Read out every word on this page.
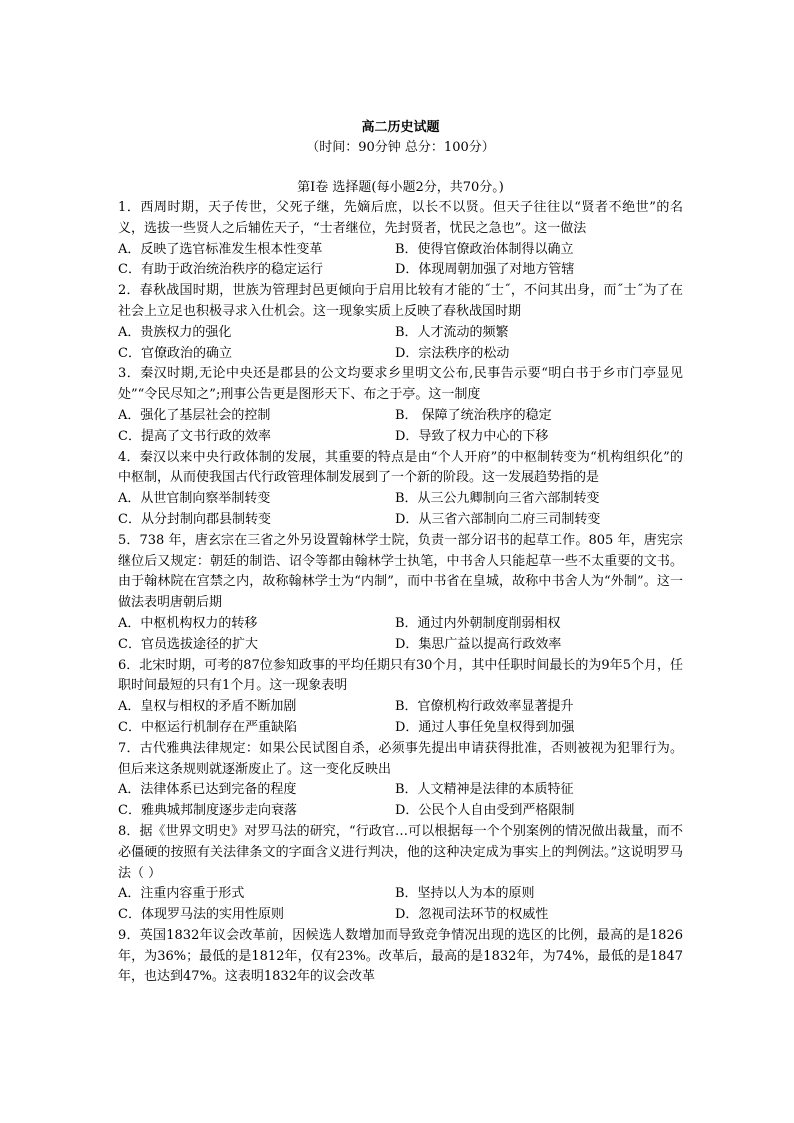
高二历史试题
（时间：90分钟 总分：100分）
第Ⅰ卷 选择题(每小题2分，共70分。)
1．西周时期，天子传世，父死子继，先嫡后庶，以长不以贤。但天子往往以“贤者不绝世”的名义，选拔一些贤人之后辅佐天子，“士者继位，先封贤者，忧民之急也”。这一做法
A．反映了选官标准发生根本性变革	B．使得官僚政治体制得以确立
C．有助于政治统治秩序的稳定运行	D．体现周朝加强了对地方管辖
2．春秋战国时期，世族为管理封邑更倾向于启用比较有才能的˝士˝，不问其出身，而˝士˝为了在社会上立足也积极寻求入仕机会。这一现象实质上反映了春秋战国时期
A．贵族权力的强化	B．人才流动的频繁
C．官僚政治的确立	D．宗法秩序的松动
3．秦汉时期,无论中央还是郡县的公文均要求乡里明文公布,民事告示要“明白书于乡市门亭显见处”“令民尽知之”;刑事公告更是图形天下、布之于亭。这一制度
A．强化了基层社会的控制	B． 保障了统治秩序的稳定
C．提高了文书行政的效率	D．导致了权力中心的下移
4．秦汉以来中央行政体制的发展，其重要的特点是由“个人开府”的中枢制转变为“机构组织化”的中枢制，从而使我国古代行政管理体制发展到了一个新的阶段。这一发展趋势指的是
A．从世官制向察举制转变	B．从三公九卿制向三省六部制转变
C．从分封制向郡县制转变	D．从三省六部制向二府三司制转变
5．738 年，唐玄宗在三省之外另设置翰林学士院，负责一部分诏书的起草工作。805 年，唐宪宗继位后又规定：朝廷的制诰、诏令等都由翰林学士执笔，中书舍人只能起草一些不太重要的文书。由于翰林院在宫禁之内，故称翰林学士为“内制”，而中书省在皇城，故称中书舍人为“外制”。这一做法表明唐朝后期
A．中枢机构权力的转移	B．通过内外朝制度削弱相权
C．官员选拔途径的扩大	D．集思广益以提高行政效率
6．北宋时期，可考的87位参知政事的平均任期只有30个月，其中任职时间最长的为9年5个月，任职时间最短的只有1个月。这一现象表明
A．皇权与相权的矛盾不断加剧	B．官僚机构行政效率显著提升
C．中枢运行机制存在严重缺陷	D．通过人事任免皇权得到加强
7．古代雅典法律规定：如果公民试图自杀，必须事先提出申请获得批准，否则被视为犯罪行为。但后来这条规则就逐渐废止了。这一变化反映出
A．法律体系已达到完备的程度	B．人文精神是法律的本质特征
C．雅典城邦制度逐步走向衰落	D．公民个人自由受到严格限制
8．据《世界文明史》对罗马法的研究，“行政官…可以根据每一个个别案例的情况做出裁量，而不必僵硬的按照有关法律条文的字面含义进行判决，他的这种决定成为事实上的判例法。”这说明罗马法（ ）
A．注重内容重于形式	B．坚持以人为本的原则
C．体现罗马法的实用性原则	D．忽视司法环节的权威性
9．英国1832年议会改革前，因候选人数增加而导致竞争情况出现的选区的比例，最高的是1826年，为36%；最低的是1812年，仅有23%。改革后，最高的是1832年，为74%，最低的是1847年，也达到47%。这表明1832年的议会改革
